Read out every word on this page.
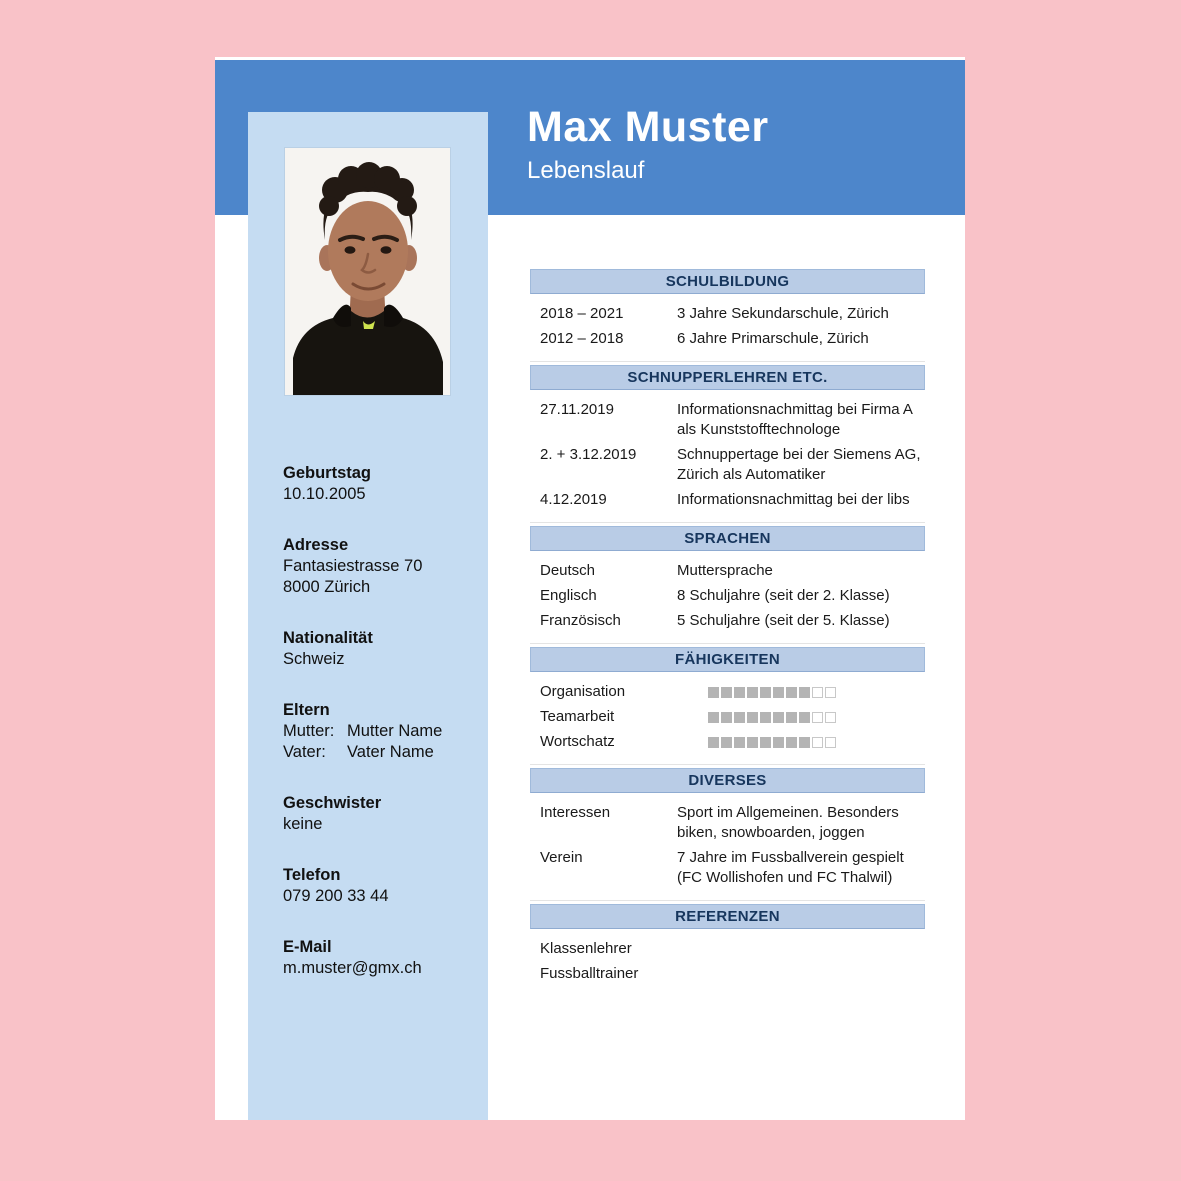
Max Muster
Lebenslauf
Geburtstag
10.10.2005
Adresse
Fantasiestrasse 70
8000 Zürich
Nationalität
Schweiz
Eltern
Mutter: Mutter Name
Vater:	Vater Name
Geschwister
keine
Telefon
079 200 33 44
E-Mail
m.muster@gmx.ch
SCHULBILDUNG
2018 – 2021	3 Jahre Sekundarschule, Zürich
2012 – 2018	6 Jahre Primarschule, Zürich
SCHNUPPERLEHREN ETC.
27.11.2019	Informationsnachmittag bei Firma A als Kunststofftechnologe
2. + 3.12.2019	Schnuppertage bei der Siemens AG, Zürich als Automatiker
4.12.2019	Informationsnachmittag bei der libs
SPRACHEN
Deutsch	Muttersprache
Englisch	8 Schuljahre (seit der 2. Klasse)
Französisch	5 Schuljahre (seit der 5. Klasse)
FÄHIGKEITEN
Organisation
Teamarbeit
Wortschatz
DIVERSES
Interessen	Sport im Allgemeinen. Besonders biken, snowboarden, joggen
Verein	7 Jahre im Fussballverein gespielt (FC Wollishofen und FC Thalwil)
REFERENZEN
Klassenlehrer
Fussballtrainer
